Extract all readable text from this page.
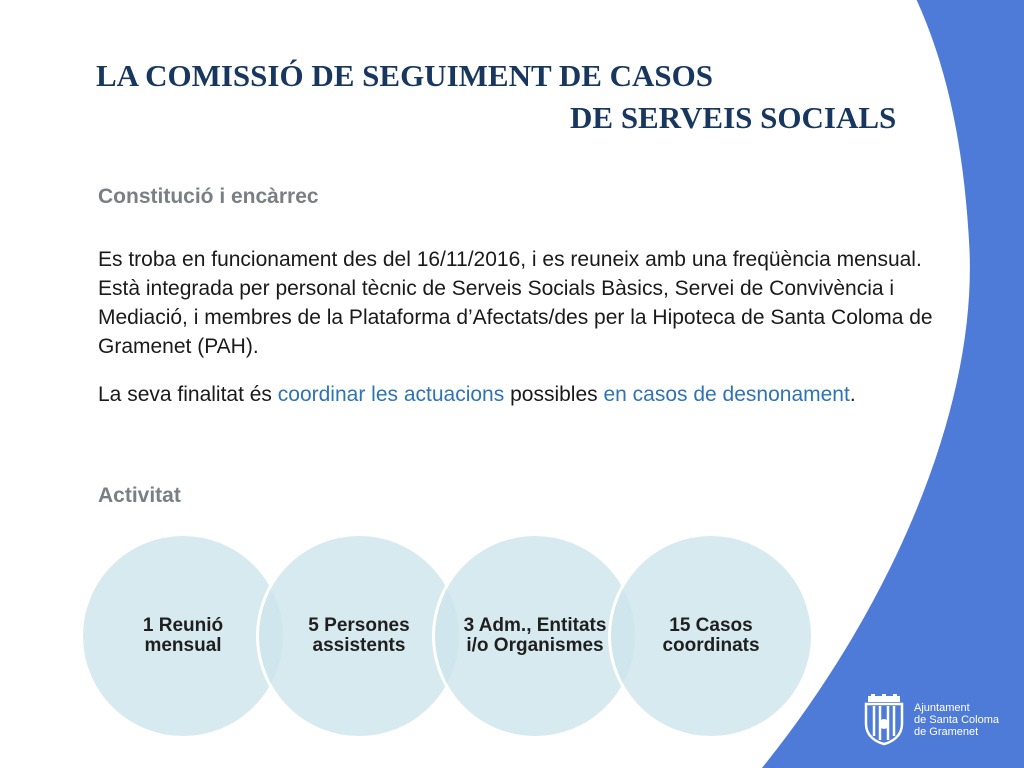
LA COMISSIÓ DE SEGUIMENT DE CASOS
DE SERVEIS SOCIALS
Constitució i encàrrec

Es troba en funcionament des del 16/11/2016, i es reuneix amb una freqüència mensual. Està integrada per personal tècnic de Serveis Socials Bàsics, Servei de Convivència i Mediació, i membres de la Plataforma d’Afectats/des per la Hipoteca de Santa Coloma de Gramenet (PAH).

La seva finalitat és coordinar les actuacions possibles en casos de desnonament.

Activitat
1 Reunió mensual
5 Persones assistents
3 Adm., Entitats i/o Organismes
15 Casos coordinats
Ajuntament
de Santa Coloma
de Gramenet
